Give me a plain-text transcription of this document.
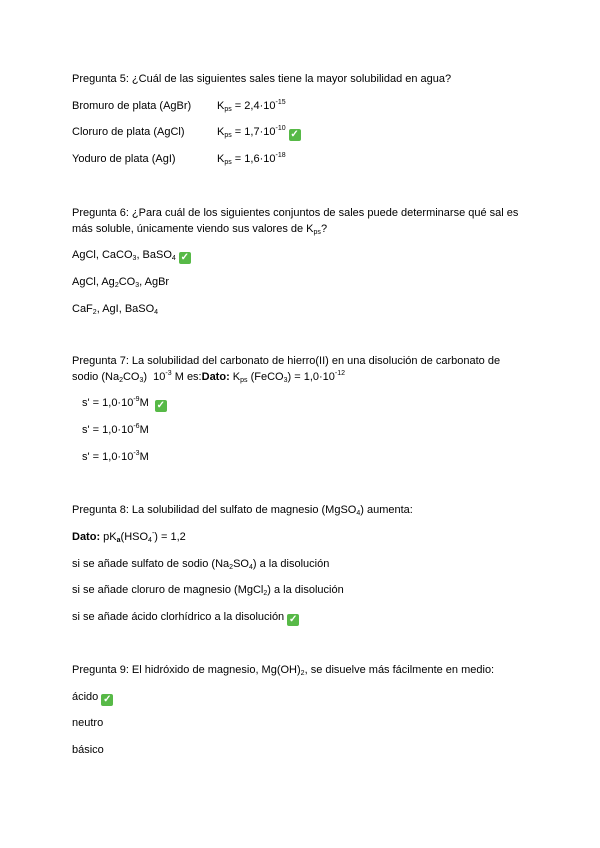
Pregunta 5: ¿Cuál de las siguientes sales tiene la mayor solubilidad en agua?
Bromuro de plata (AgBr) $K_{ps} = 2,4\cdot 10^{-15}$
Cloruro de plata (AgCl)	$K_{ps}$ = $1,7\cdot 10^{-10}✓$
Yoduro de plata (AgI)	$K_{ps} = 1,6\cdot 10^{-18}$
Pregunta 6: ¿Para cuál de los siguientes conjuntos de sales puede determinarse qué sal es
más soluble, únicamente viendo sus valores de $K_{ps}$?
AgCl, CaCO$_3$, BaSO$_4$ ✓
AgCl, $Ag_2CO_3$, AgBr
CaF$_2$, AgI, BaSO$_4$
Pregunta 7: La solubilidad del carbonato de hierro(II) en una disolución de carbonato de
sodio $(Na_2CO_3)$  $10^{-3}$ M es:Dato: $K_{ps}$ (FeCO$_3$) = $1,0\cdot 10^{-12}$
$s' = 1,0\cdot 10^{-9}M$ ✓
$s' = 1,0\cdot 10^{-6}M$
$s' = 1,0\cdot 10^{-3}M$
Pregunta 8: La solubilidad del sulfato de magnesio (MgSO$_4$) aumenta:
Dato: $pK_a(HSO_4^-) = 1,2$
si se añade sulfato de sodio $(Na_2SO_4)$ a la disolución
si se añade cloruro de magnesio (MgCl$_2$) a la disolución
si se añade ácido clorhídrico a la disolución ✓
Pregunta 9: El hidróxido de magnesio, $Mg(OH)_2$, se disuelve más fácilmente en medio:
ácido ✓
neutro
básico
